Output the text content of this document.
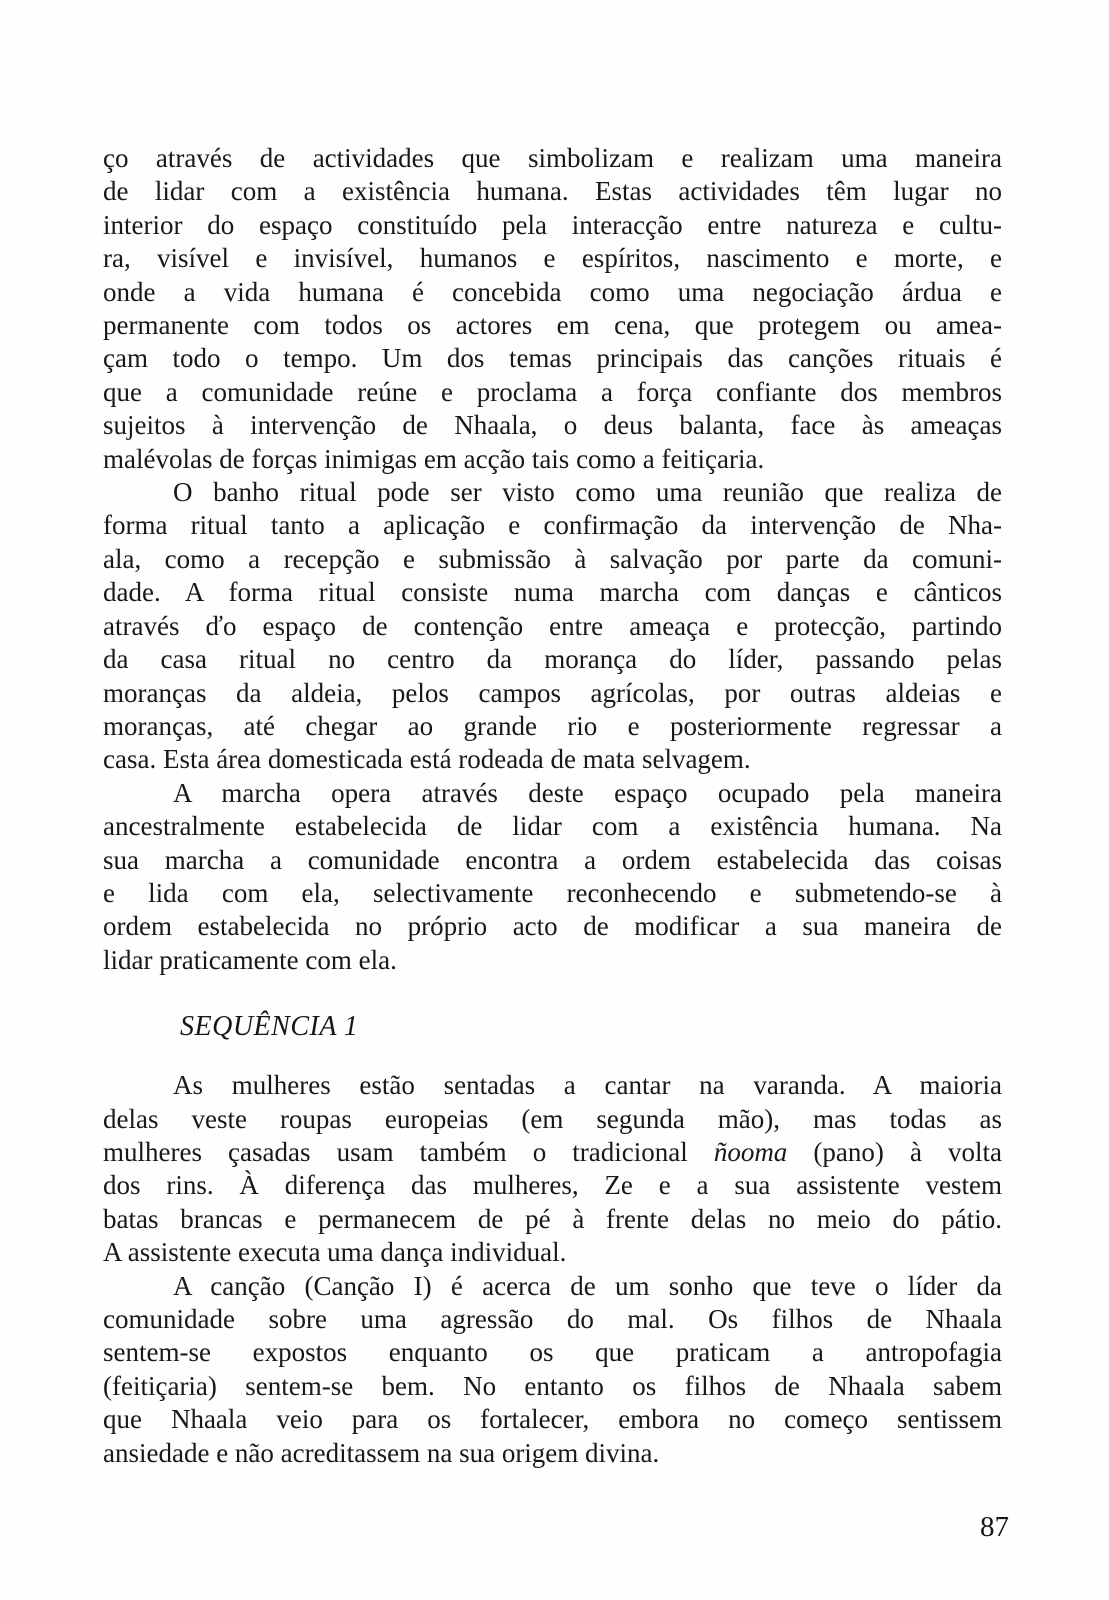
ço através de actividades que simbolizam e realizam uma maneira
de lidar com a existência humana. Estas actividades têm lugar no
interior do espaço constituído pela interacção entre natureza e cultu-
ra, visível e invisível, humanos e espíritos, nascimento e morte, e
onde a vida humana é concebida como uma negociação árdua e
permanente com todos os actores em cena, que protegem ou amea-
çam todo o tempo. Um dos temas principais das canções rituais é
que a comunidade reúne e proclama a força confiante dos membros
sujeitos à intervenção de Nhaala, o deus balanta, face às ameaças
malévolas de forças inimigas em acção tais como a feitiçaria.
O banho ritual pode ser visto como uma reunião que realiza de
forma ritual tanto a aplicação e confirmação da intervenção de Nha-
ala, como a recepção e submissão à salvação por parte da comuni-
dade. A forma ritual consiste numa marcha com danças e cânticos
através ďo espaço de contenção entre ameaça e protecção, partindo
da casa ritual no centro da morança do líder, passando pelas
moranças da aldeia, pelos campos agrícolas, por outras aldeias e
moranças, até chegar ao grande rio e posteriormente regressar a
casa. Esta área domesticada está rodeada de mata selvagem.
A marcha opera através deste espaço ocupado pela maneira
ancestralmente estabelecida de lidar com a existência humana. Na
sua marcha a comunidade encontra a ordem estabelecida das coisas
e lida com ela, selectivamente reconhecendo e submetendo-se à
ordem estabelecida no próprio acto de modificar a sua maneira de
lidar praticamente com ela.
SEQUÊNCIA 1
As mulheres estão sentadas a cantar na varanda. A maioria
delas veste roupas europeias (em segunda mão), mas todas as
mulheres çasadas usam também o tradicional ñooma (pano) à volta
dos rins. À diferença das mulheres, Ze e a sua assistente vestem
batas brancas e permanecem de pé à frente delas no meio do pátio.
A assistente executa uma dança individual.
A canção (Canção I) é acerca de um sonho que teve o líder da
comunidade sobre uma agressão do mal. Os filhos de Nhaala
sentem-se expostos enquanto os que praticam a antropofagia
(feitiçaria) sentem-se bem. No entanto os filhos de Nhaala sabem
que Nhaala veio para os fortalecer, embora no começo sentissem
ansiedade e não acreditassem na sua origem divina.
87
